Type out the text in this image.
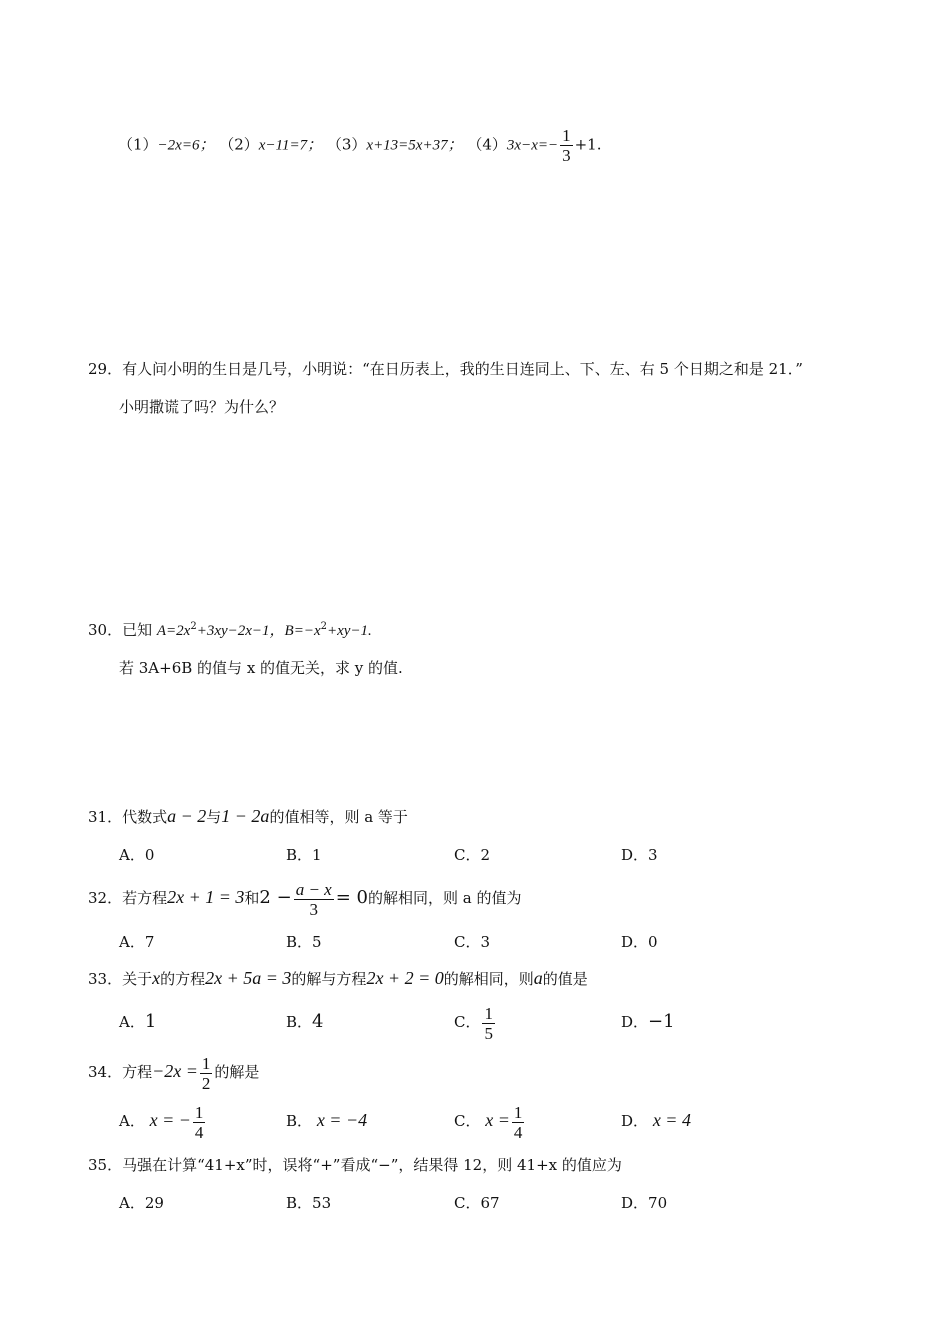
（1）−2x=6； （2）x−11=7； （3）x+13=5x+37； $(4)3x-x=- \frac{1}{3} +1$.
29．有人问小明的生日是几号，小明说：“在日历表上，我的生日连同上、下、左、右 5 个日期之和是 21．”
小明撒谎了吗？为什么？
30．已知 $A=2x^2+3xy-2x-1$，$B=-x^2+xy-1$.
若 3A+6B 的值与 x 的值无关，求 y 的值.
31．代数式a − 2与1 − 2a的值相等，则 a 等于
A．0	B．1	C．2	D．3
32．若方程2x + 1 = 3和$2 - \frac{a - x}{3} = 0$的解相同，则 a 的值为
A．7	B．5	C．3	D．0
33．关于x的方程2x + 5a = 3的解与方程2x + 2 = 0的解相同，则a的值是
A．1	B．4	C． $\frac{1}{5}$	D．−1
34．方程$-2x = \frac{1}{2}$ 的解是
A． x = − $\frac{1}{4}$	B． x = −4	C． $x = \frac{1}{4}$	D． x = 4
35．马强在计算“41+x”时，误将“+”看成“−”，结果得 12，则 41+x 的值应为
A．29	B．53	C．67	D．70
